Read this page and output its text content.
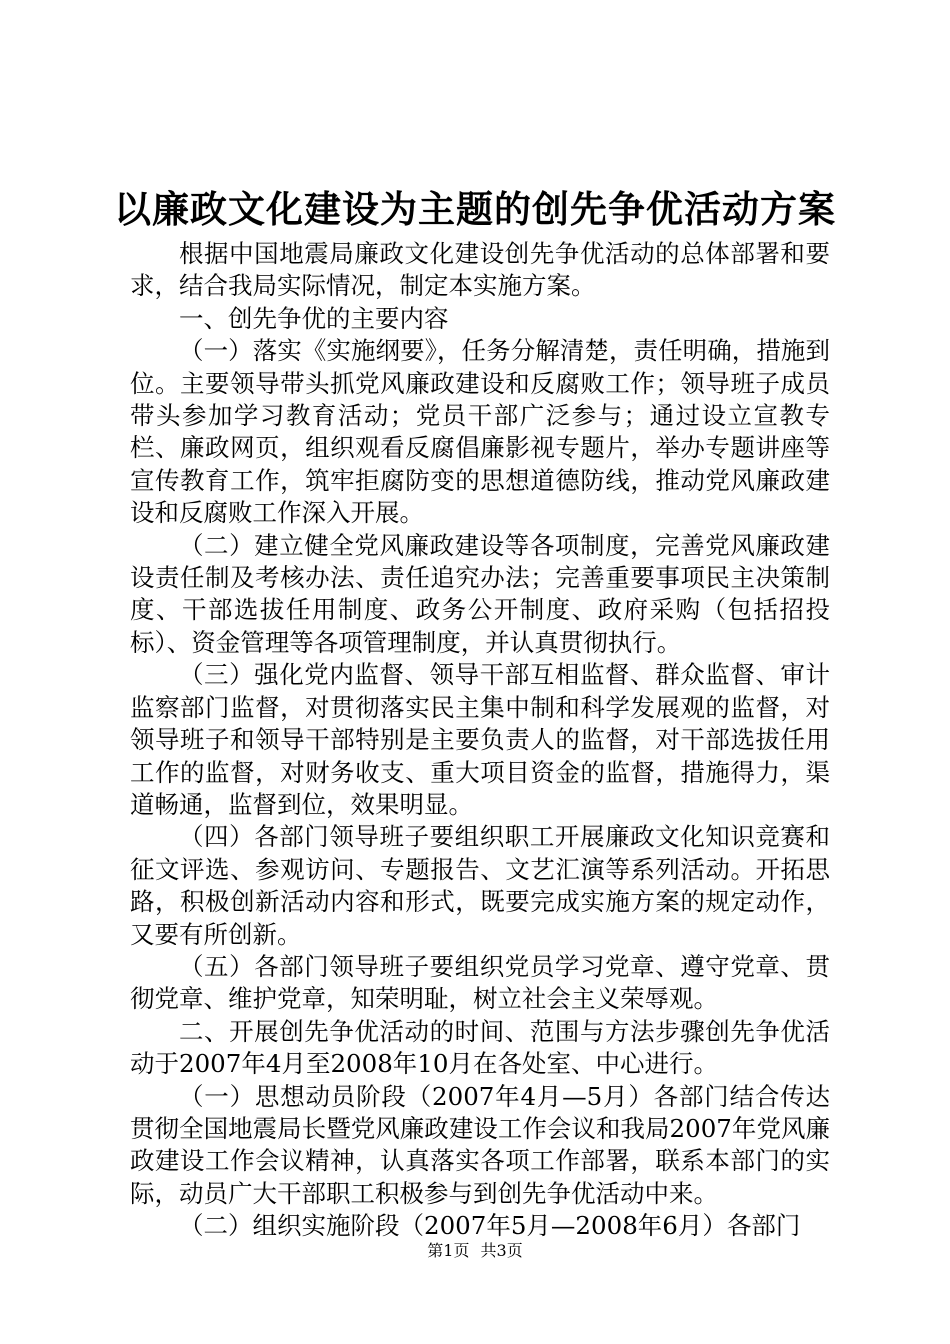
以廉政文化建设为主题的创先争优活动方案

根据中国地震局廉政文化建设创先争优活动的总体部署和要求，结合我局实际情况，制定本实施方案。

一、创先争优的主要内容

（一）落实《实施纲要》，任务分解清楚，责任明确，措施到位。主要领导带头抓党风廉政建设和反腐败工作；领导班子成员带头参加学习教育活动；党员干部广泛参与；通过设立宣教专栏、廉政网页，组织观看反腐倡廉影视专题片，举办专题讲座等宣传教育工作，筑牢拒腐防变的思想道德防线，推动党风廉政建设和反腐败工作深入开展。

（二）建立健全党风廉政建设等各项制度，完善党风廉政建设责任制及考核办法、责任追究办法；完善重要事项民主决策制度、干部选拔任用制度、政务公开制度、政府采购（包括招投标）、资金管理等各项管理制度，并认真贯彻执行。

（三）强化党内监督、领导干部互相监督、群众监督、审计监察部门监督，对贯彻落实民主集中制和科学发展观的监督，对领导班子和领导干部特别是主要负责人的监督，对干部选拔任用工作的监督，对财务收支、重大项目资金的监督，措施得力，渠道畅通，监督到位，效果明显。

（四）各部门领导班子要组织职工开展廉政文化知识竞赛和征文评选、参观访问、专题报告、文艺汇演等系列活动。开拓思路，积极创新活动内容和形式，既要完成实施方案的规定动作，又要有所创新。

（五）各部门领导班子要组织党员学习党章、遵守党章、贯彻党章、维护党章，知荣明耻，树立社会主义荣辱观。

二、开展创先争优活动的时间、范围与方法步骤创先争优活动于2007年4月至2008年10月在各处室、中心进行。

（一）思想动员阶段（2007年4月—5月）各部门结合传达贯彻全国地震局长暨党风廉政建设工作会议和我局2007年党风廉政建设工作会议精神，认真落实各项工作部署，联系本部门的实际，动员广大干部职工积极参与到创先争优活动中来。

（二）组织实施阶段（2007年5月—2008年6月）各部门

第1页 共3页
